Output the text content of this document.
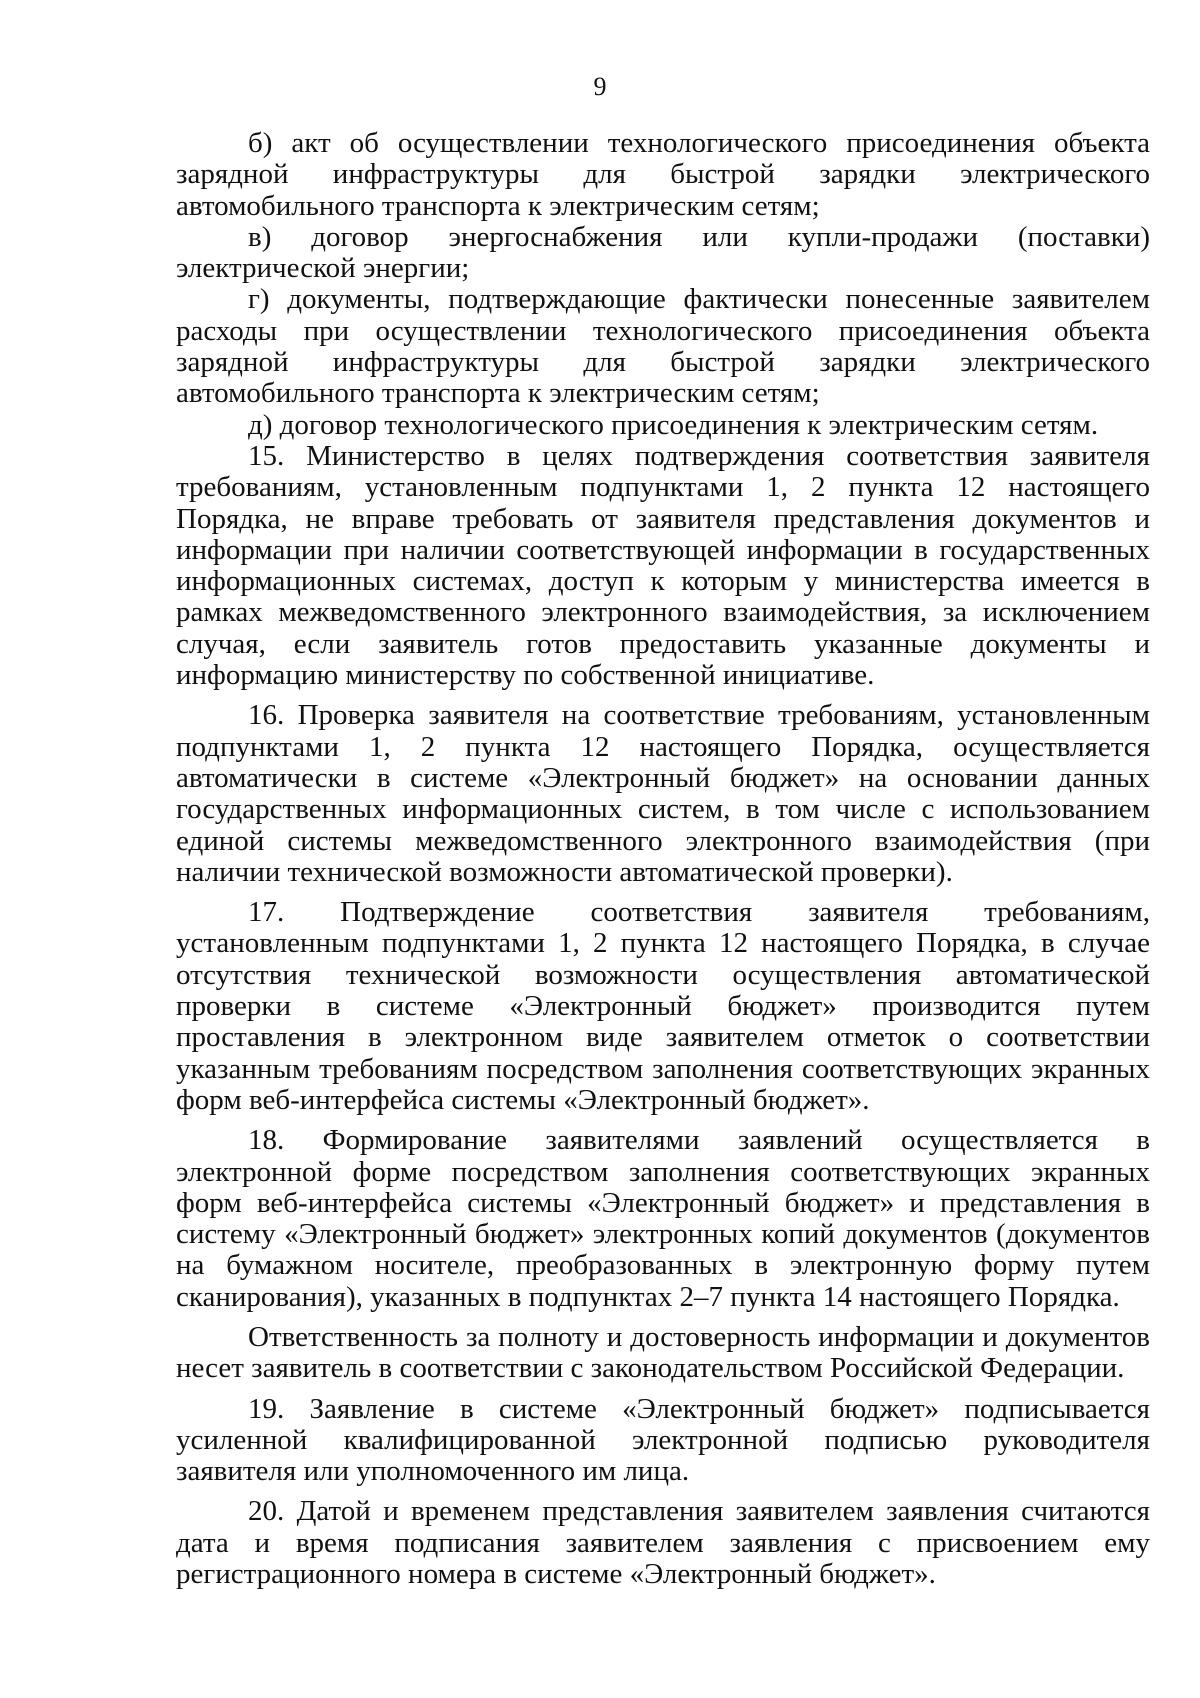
9

б) акт об осуществлении технологического присоединения объекта зарядной инфраструктуры для быстрой зарядки электрического автомобильного транспорта к электрическим сетям;

в) договор энергоснабжения или купли-продажи (поставки) электрической энергии;

г) документы, подтверждающие фактически понесенные заявителем расходы при осуществлении технологического присоединения объекта зарядной инфраструктуры для быстрой зарядки электрического автомобильного транспорта к электрическим сетям;

д) договор технологического присоединения к электрическим сетям.

15. Министерство в целях подтверждения соответствия заявителя требованиям, установленным подпунктами 1, 2 пункта 12 настоящего Порядка, не вправе требовать от заявителя представления документов и информации при наличии соответствующей информации в государственных информационных системах, доступ к которым у министерства имеется в рамках межведомственного электронного взаимодействия, за исключением случая, если заявитель готов предоставить указанные документы и информацию министерству по собственной инициативе.

16. Проверка заявителя на соответствие требованиям, установленным подпунктами 1, 2 пункта 12 настоящего Порядка, осуществляется автоматически в системе «Электронный бюджет» на основании данных государственных информационных систем, в том числе с использованием единой системы межведомственного электронного взаимодействия (при наличии технической возможности автоматической проверки).

17. Подтверждение соответствия заявителя требованиям, установленным подпунктами 1, 2 пункта 12 настоящего Порядка, в случае отсутствия технической возможности осуществления автоматической проверки в системе «Электронный бюджет» производится путем проставления в электронном виде заявителем отметок о соответствии указанным требованиям посредством заполнения соответствующих экранных форм веб-интерфейса системы «Электронный бюджет».

18. Формирование заявителями заявлений осуществляется в электронной форме посредством заполнения соответствующих экранных форм веб-интерфейса системы «Электронный бюджет» и представления в систему «Электронный бюджет» электронных копий документов (документов на бумажном носителе, преобразованных в электронную форму путем сканирования), указанных в подпунктах 2–7 пункта 14 настоящего Порядка.

Ответственность за полноту и достоверность информации и документов несет заявитель в соответствии с законодательством Российской Федерации.

19. Заявление в системе «Электронный бюджет» подписывается усиленной квалифицированной электронной подписью руководителя заявителя или уполномоченного им лица.

20. Датой и временем представления заявителем заявления считаются дата и время подписания заявителем заявления с присвоением ему регистрационного номера в системе «Электронный бюджет».
